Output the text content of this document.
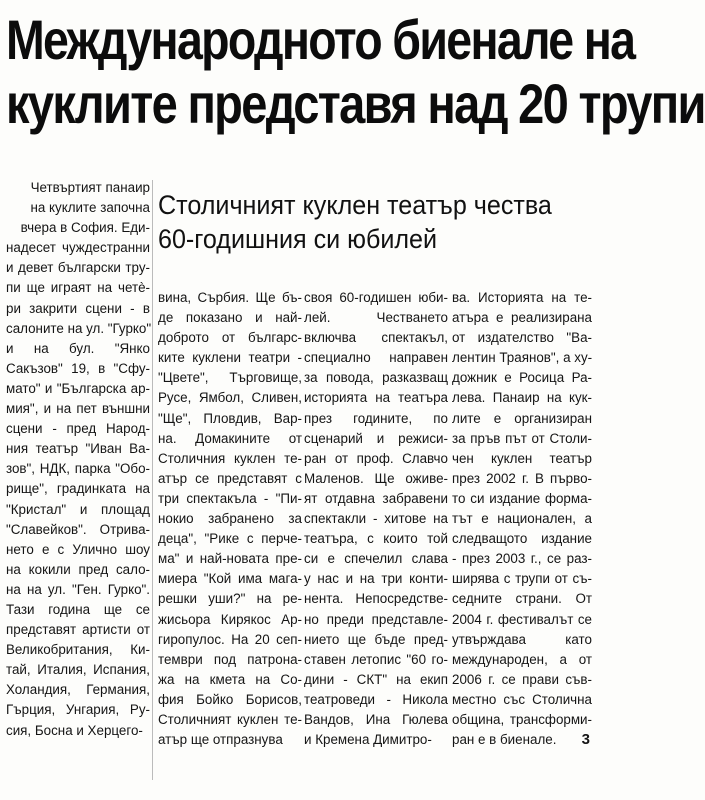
Международното биенале на
куклите представя над 20 трупи
Столичният куклен театър чества
60-годишния си юбилей
Четвъртият панаир
на куклите започна
вчера в София. Еди-
надесет чуждестранни
и девет български тру-
пи ще играят на четè-
ри закрити сцени - в
салоните на ул. "Гурко"
и на бул. "Янко
Сакъзов" 19, в "Сфу-
мато" и "Българска ар-
мия", и на пет външни
сцени - пред Народ-
ния театър "Иван Ва-
зов", НДК, парка "Обо-
рище", градинката на
"Кристал" и площад
"Славейков". Отрива-
нето е с Улично шоу
на кокили пред сало-
на на ул. "Ген. Гурко".
Тази година ще се
представят артисти от
Великобритания, Ки-
тай, Италия, Испания,
Холандия, Германия,
Гърция, Унгария, Ру-
сия, Босна и Херцего-
вина, Сърбия. Ще бъ-
де показано и най-
доброто от българс-
ките куклени театри -
"Цвете", Търговище,
Русе, Ямбол, Сливен,
"Ще", Пловдив, Вар-
на. Домакините от
Столичния куклен те-
атър се представят с
три спектакъла - "Пи-
нокио забранено за
деца", "Рике с перче-
ма" и най-новата пре-
миера "Кой има мага-
решки уши?" на ре-
жисьора Кирякос Ар-
гиропулос. На 20 сеп-
тември под патрона-
жа на кмета на Со-
фия Бойко Борисов,
Столичният куклен те-
атър ще отпразнува
своя 60-годишен юби-
лей. Честването
включва спектакъл,
специално направен
за повода, разказващ
историята на театъра
през годините, по
сценарий и режиси-
ран от проф. Славчо
Маленов. Ще оживе-
ят отдавна забравени
спектакли - хитове на
театъра, с които той
си е спечелил слава
у нас и на три конти-
нента. Непосредстве-
но преди представле-
нието ще бъде пред-
ставен летопис "60 го-
дини - СКТ" на екип
театроведи - Никола
Вандов, Ина Гюлева
и Кремена Димитро-
ва. Историята на те-
атъра е реализирана
от издателство "Ва-
лентин Траянов", а ху-
дожник е Росица Ра-
лева. Панаир на кук-
лите е организиран
за пръв път от Столи-
чен куклен театър
през 2002 г. В първо-
то си издание форма-
тът е национален, а
следващото издание
- през 2003 г., се раз-
ширява с трупи от съ-
седните страни. От
2004 г. фестивалът се
утвърждава като
международен, а от
2006 г. се прави съв-
местно със Столична
община, трансформи-
ран е в биенале.	3
